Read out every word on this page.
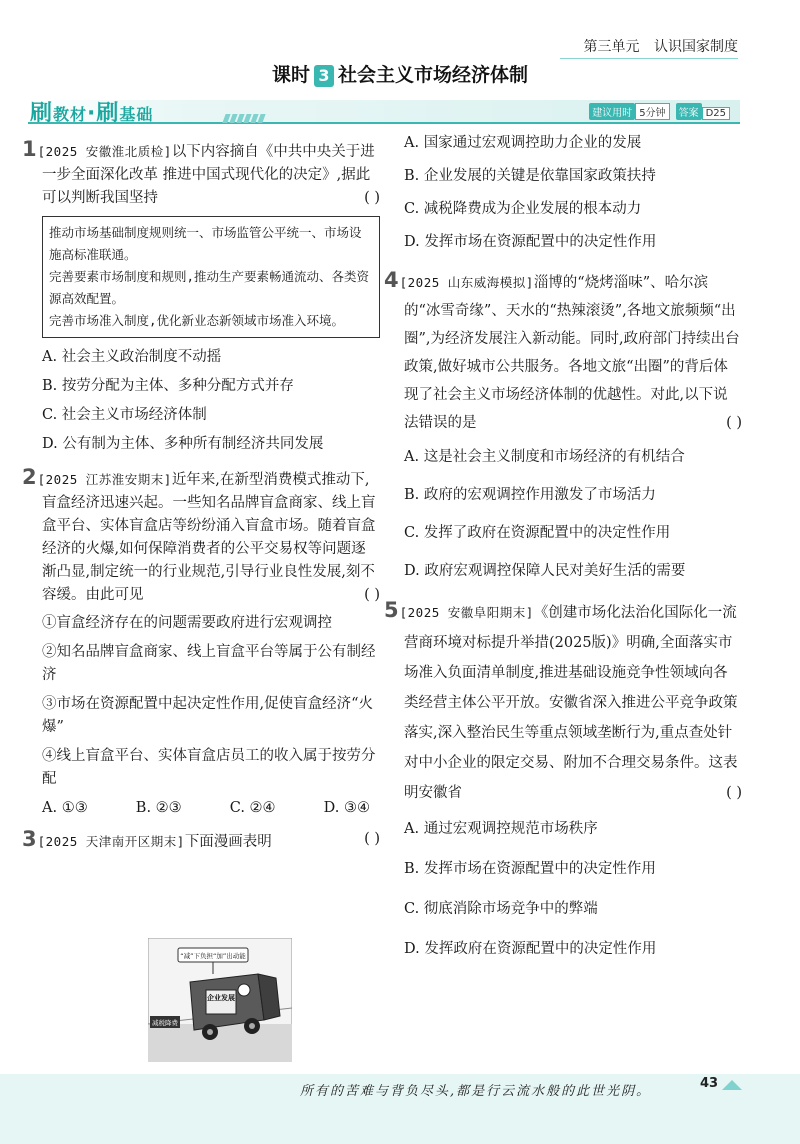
第三单元 认识国家制度
课时 3 社会主义市场经济体制
刷教材·刷基础	建议用时 5分钟 答案 D25

1[2025 安徽淮北质检]以下内容摘自《中共中央关于进一步全面深化改革 推进中国式现代化的决定》,据此可以判断我国坚持	( )

推动市场基础制度规则统一、市场监管公平统一、市场设施高标准联通。

完善要素市场制度和规则,推动生产要素畅通流动、各类资源高效配置。

完善市场准入制度,优化新业态新领域市场准入环境。

A. 社会主义政治制度不动摇

B. 按劳分配为主体、多种分配方式并存

C. 社会主义市场经济体制

D. 公有制为主体、多种所有制经济共同发展

2[2025 江苏淮安期末]近年来,在新型消费模式推动下,盲盒经济迅速兴起。一些知名品牌盲盒商家、线上盲盒平台、实体盲盒店等纷纷涌入盲盒市场。随着盲盒经济的火爆,如何保障消费者的公平交易权等问题逐渐凸显,制定统一的行业规范,引导行业良性发展,刻不容缓。由此可见	( )

①盲盒经济存在的问题需要政府进行宏观调控

②知名品牌盲盒商家、线上盲盒平台等属于公有制经济

③市场在资源配置中起决定性作用,促使盲盒经济“火爆”

④线上盲盒平台、实体盲盒店员工的收入属于按劳分配

A. ①③	B. ②③	C. ②④	D. ③④

3[2025 天津南开区期末]下面漫画表明	( )

“减”下负担“加”出动能
企业发展
减税降费

A. 国家通过宏观调控助力企业的发展

B. 企业发展的关键是依靠国家政策扶持

C. 减税降费成为企业发展的根本动力

D. 发挥市场在资源配置中的决定性作用

4[2025 山东威海模拟]淄博的“烧烤淄味”、哈尔滨的“冰雪奇缘”、天水的“热辣滚烫”,各地文旅频频“出圈”,为经济发展注入新动能。同时,政府部门持续出台政策,做好城市公共服务。各地文旅“出圈”的背后体现了社会主义市场经济体制的优越性。对此,以下说法错误的是	( )

A. 这是社会主义制度和市场经济的有机结合

B. 政府的宏观调控作用激发了市场活力

C. 发挥了政府在资源配置中的决定性作用

D. 政府宏观调控保障人民对美好生活的需要

5[2025 安徽阜阳期末]《创建市场化法治化国际化一流营商环境对标提升举措(2025版)》明确,全面落实市场准入负面清单制度,推进基础设施竞争性领域向各类经营主体公平开放。安徽省深入推进公平竞争政策落实,深入整治民生等重点领域垄断行为,重点查处针对中小企业的限定交易、附加不合理交易条件。这表明安徽省	( )

A. 通过宏观调控规范市场秩序

B. 发挥市场在资源配置中的决定性作用

C. 彻底消除市场竞争中的弊端

D. 发挥政府在资源配置中的决定性作用

所有的苦难与背负尽头,都是行云流水般的此世光阴。
43
